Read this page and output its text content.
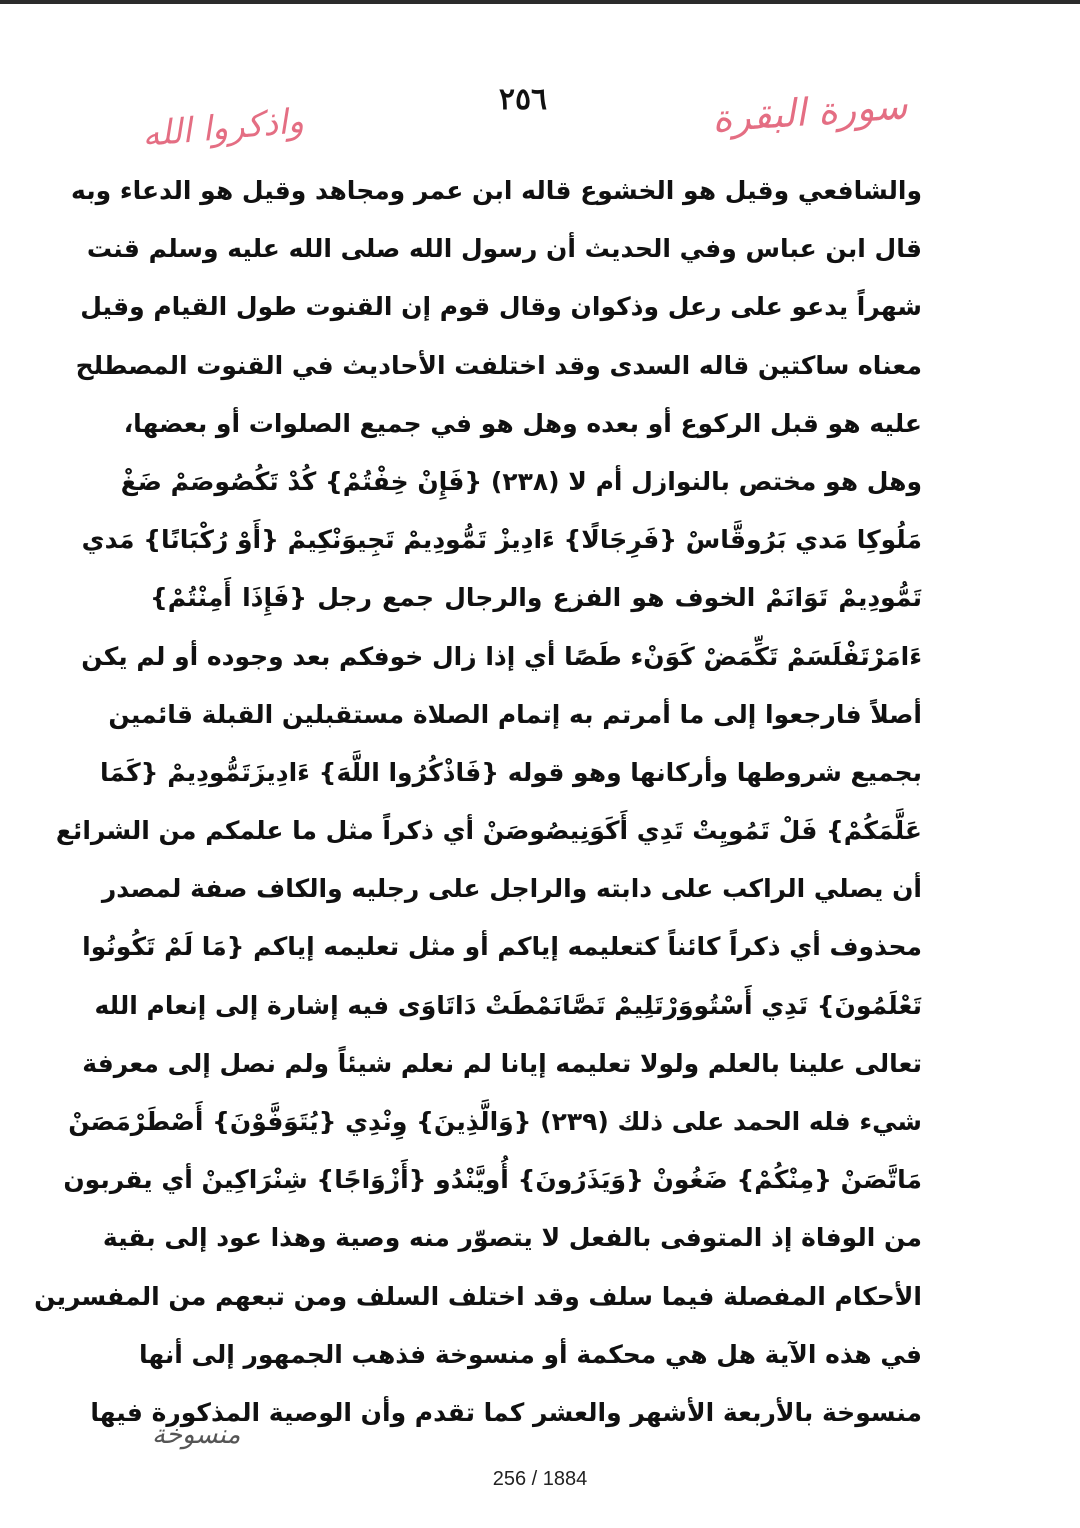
سورة البقرة
واذكروا الله
٢٥٦
والشافعي وقيل هو الخشوع قاله ابن عمر ومجاهد وقيل هو الدعاء وبه
قال ابن عباس وفي الحديث أن رسول الله صلى الله عليه وسلم قنت
شهراً يدعو على رعل وذكوان وقال قوم إن القنوت طول القيام وقيل
معناه ساكتين قاله السدى وقد اختلفت الأحاديث في القنوت المصطلح
عليه هو قبل الركوع أو بعده وهل هو في جميع الصلوات أو بعضها،
وهل هو مختص بالنوازل أم لا (٢٣٨) {فَإِنْ خِفْتُمْ} كُدْ تَكُصُوصَمْ ضَغْ
مَلُوكِا مَدي بَرُوقَّاسْ {فَرِجَالًا} ءَادِيزْ تَمُّودِيمْ تَجِيوَنْكِيمْ {أَوْ رُكْبَانًا} مَدي
تَمُّودِيمْ تَوَانَمْ الخوف هو الفزع والرجال جمع رجل {فَإِذَا أَمِنْتُمْ}
ءَامَرْتَفْلَسَمْ تَكِّمَضْ كَوَنْء طَصًا أي إذا زال خوفكم بعد وجوده أو لم يكن
أصلاً فارجعوا إلى ما أمرتم به إتمام الصلاة مستقبلين القبلة قائمين
بجميع شروطها وأركانها وهو قوله {فَاذْكُرُوا اللَّهَ} ءَادِيزَتَمُّودِيمْ {كَمَا
عَلَّمَكُمْ} فَلْ تَمُويِتْ تَدِي أَكَوَنِيصُوصَنْ أي ذكراً مثل ما علمكم من الشرائع
أن يصلي الراكب على دابته والراجل على رجليه والكاف صفة لمصدر
محذوف أي ذكراً كائناً كتعليمه إياكم أو مثل تعليمه إياكم {مَا لَمْ تَكُونُوا
تَعْلَمُونَ} تَدِي أَسْتُووَرْتَلِيمْ تَصَّانَمْطَتْ دَاتَاوَى فيه إشارة إلى إنعام الله
تعالى علينا بالعلم ولولا تعليمه إيانا لم نعلم شيئاً ولم نصل إلى معرفة
شيء فله الحمد على ذلك (٢٣٩) {وَالَّذِينَ} وِنْدِي {يُتَوَفَّوْنَ} أَصْطَرْمَصَنْ
مَاتَّصَنْ {مِنْكُمْ} ضَغُونْ {وَيَذَرُونَ} أُويَّنْدُو {أَزْوَاجًا} شِنْرَاكِينْ أي يقربون
من الوفاة إذ المتوفى بالفعل لا يتصوّر منه وصية وهذا عود إلى بقية
الأحكام المفصلة فيما سلف وقد اختلف السلف ومن تبعهم من المفسرين
في هذه الآية هل هي محكمة أو منسوخة فذهب الجمهور إلى أنها
منسوخة بالأربعة الأشهر والعشر كما تقدم وأن الوصية المذكورة فيها
منسوخة
256 / 1884
